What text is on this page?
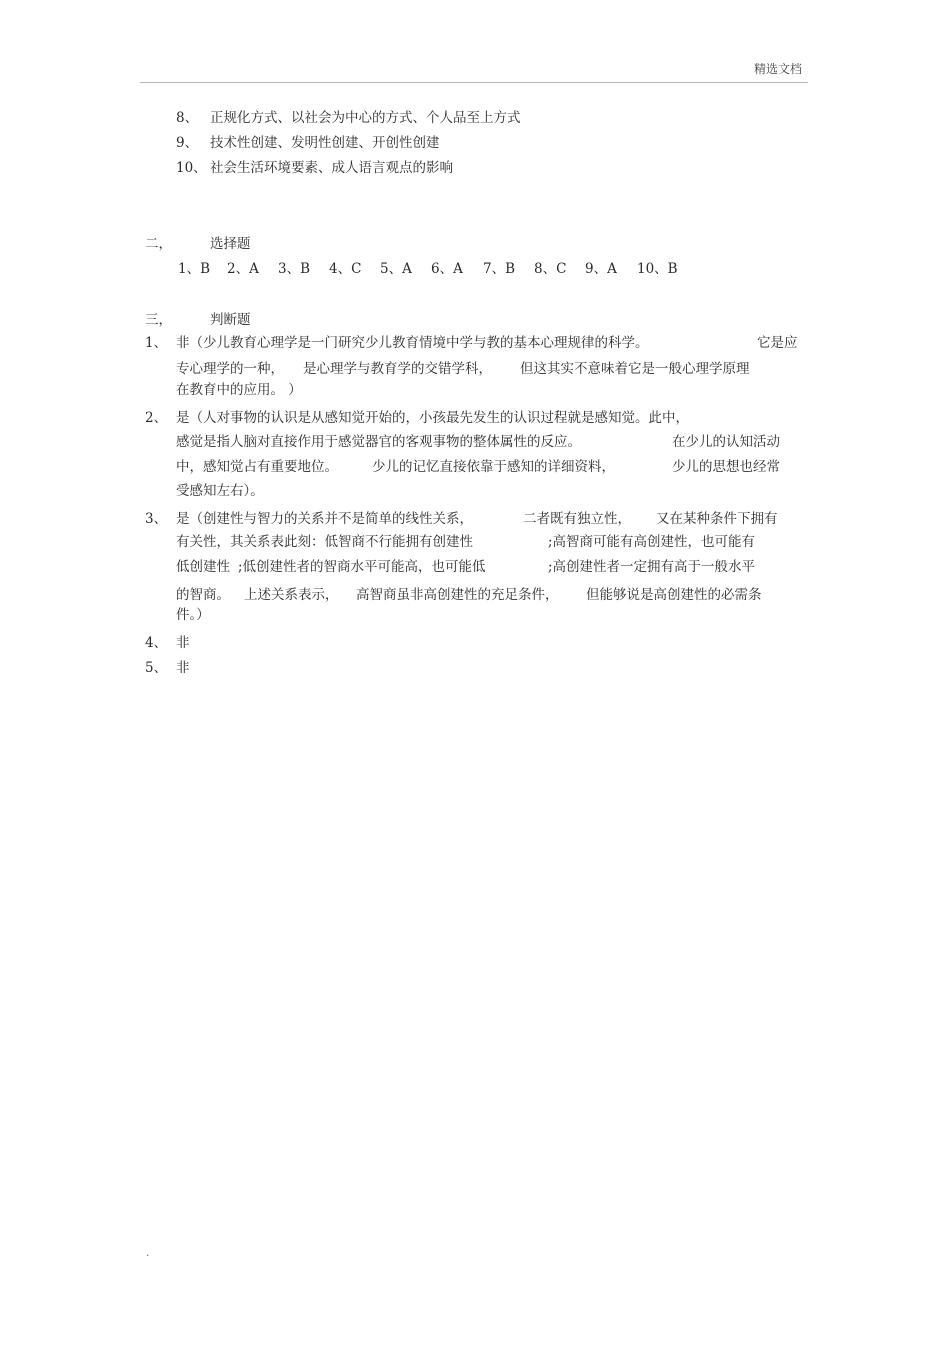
精选文档
8、 正规化方式、以社会为中心的方式、个人品至上方式
9、 技术性创建、发明性创建、开创性创建
10、 社会生活环境要素、成人语言观点的影响
二，	选择题
1、B 2、A 3、B 4、C 5、A 6、A 7、B 8、C 9、A 10、B
三，	判断题
1、 非（少儿教育心理学是一门研究少儿教育情境中学与教的基本心理规律的科学。	它是应
专心理学的一种， 是心理学与教育学的交错学科， 但这其实不意味着它是一般心理学原理
在教育中的应用。 ）
2、 是（人对事物的认识是从感知觉开始的，小孩最先发生的认识过程就是感知觉。此中，
感觉是指人脑对直接作用于感觉器官的客观事物的整体属性的反应。	在少儿的认知活动
中，感知觉占有重要地位。	少儿的记忆直接依靠于感知的详细资料，	少儿的思想也经常
受感知左右）。
3、 是（创建性与智力的关系并不是简单的线性关系，	二者既有独立性， 又在某种条件下拥有
有关性，其关系表此刻：低智商不行能拥有创建性	;高智商可能有高创建性，也可能有
低创建性 ;低创建性者的智商水平可能高，也可能低	;高创建性者一定拥有高于一般水平
的智商。 上述关系表示， 高智商虽非高创建性的充足条件， 但能够说是高创建性的必需条
件。）
4、 非
5、 非
.
